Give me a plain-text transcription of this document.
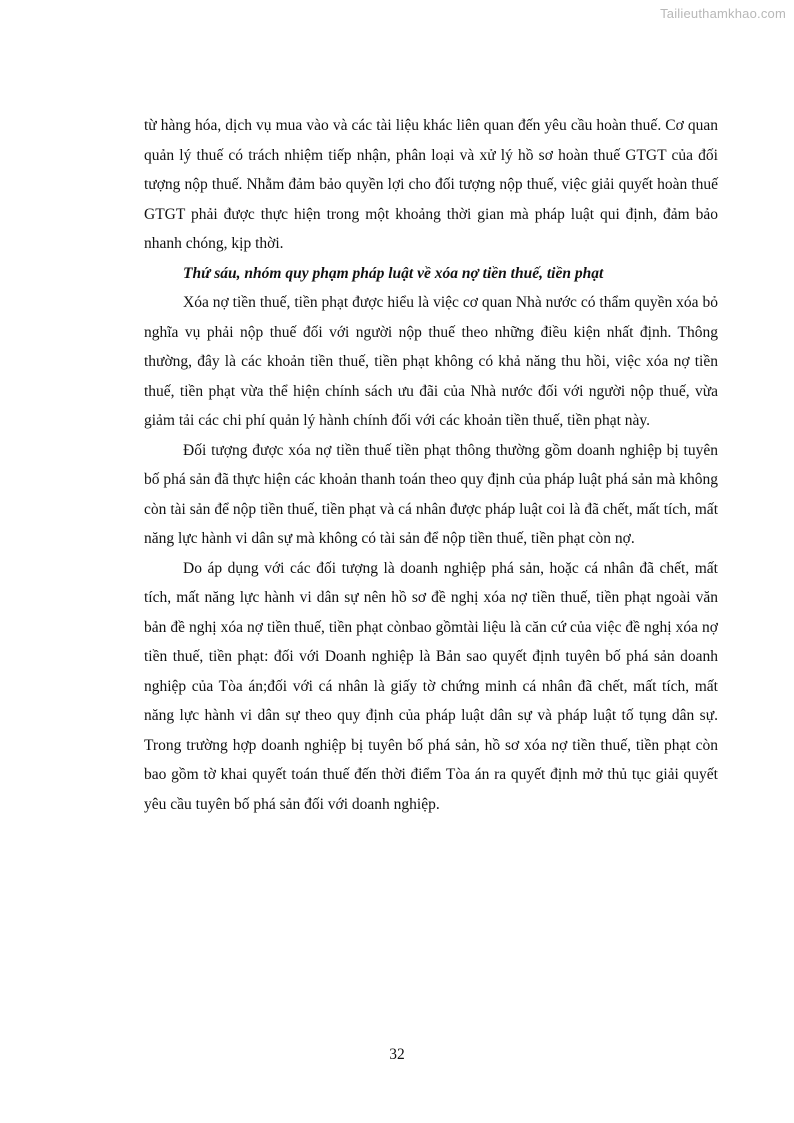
Tailieuthamkhao.com

từ hàng hóa, dịch vụ mua vào và các tài liệu khác liên quan đến yêu cầu hoàn thuế. Cơ quan quản lý thuế có trách nhiệm tiếp nhận, phân loại và xử lý hồ sơ hoàn thuế GTGT của đối tượng nộp thuế. Nhằm đảm bảo quyền lợi cho đối tượng nộp thuế, việc giải quyết hoàn thuế GTGT phải được thực hiện trong một khoảng thời gian mà pháp luật qui định, đảm bảo nhanh chóng, kịp thời.

Thứ sáu, nhóm quy phạm pháp luật về xóa nợ tiền thuế, tiền phạt

Xóa nợ tiền thuế, tiền phạt được hiểu là việc cơ quan Nhà nước có thẩm quyền xóa bỏ nghĩa vụ phải nộp thuế đối với người nộp thuế theo những điều kiện nhất định. Thông thường, đây là các khoản tiền thuế, tiền phạt không có khả năng thu hồi, việc xóa nợ tiền thuế, tiền phạt vừa thể hiện chính sách ưu đãi của Nhà nước đối với người nộp thuế, vừa giảm tải các chi phí quản lý hành chính đối với các khoản tiền thuế, tiền phạt này.

Đối tượng được xóa nợ tiền thuế tiền phạt thông thường gồm doanh nghiệp bị tuyên bố phá sản đã thực hiện các khoản thanh toán theo quy định của pháp luật phá sản mà không còn tài sản để nộp tiền thuế, tiền phạt và cá nhân được pháp luật coi là đã chết, mất tích, mất năng lực hành vi dân sự mà không có tài sản để nộp tiền thuế, tiền phạt còn nợ.

Do áp dụng với các đối tượng là doanh nghiệp phá sản, hoặc cá nhân đã chết, mất tích, mất năng lực hành vi dân sự nên hồ sơ đề nghị xóa nợ tiền thuế, tiền phạt ngoài văn bản đề nghị xóa nợ tiền thuế, tiền phạt cònbao gồmtài liệu là căn cứ của việc đề nghị xóa nợ tiền thuế, tiền phạt: đối với Doanh nghiệp là Bản sao quyết định tuyên bố phá sản doanh nghiệp của Tòa án;đối với cá nhân là giấy tờ chứng minh cá nhân đã chết, mất tích, mất năng lực hành vi dân sự theo quy định của pháp luật dân sự và pháp luật tố tụng dân sự. Trong trường hợp doanh nghiệp bị tuyên bố phá sản, hồ sơ xóa nợ tiền thuế, tiền phạt còn bao gồm tờ khai quyết toán thuế đến thời điểm Tòa án ra quyết định mở thủ tục giải quyết yêu cầu tuyên bố phá sản đối với doanh nghiệp.

32
